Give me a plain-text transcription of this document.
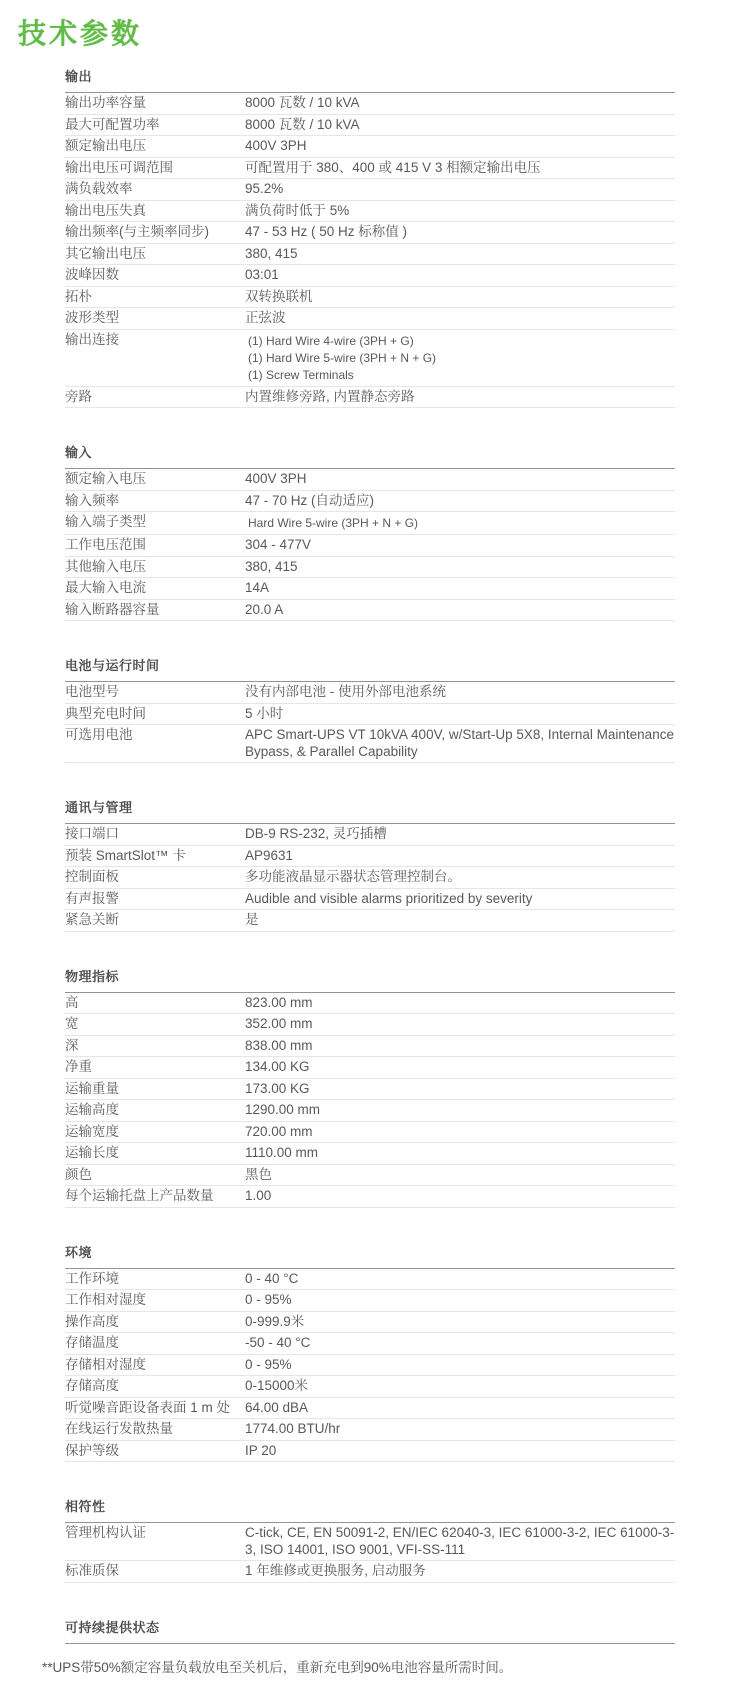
技术参数
输出
输出功率容量	8000 瓦数 / 10 kVA
最大可配置功率	8000 瓦数 / 10 kVA
额定输出电压	400V 3PH
输出电压可调范围	可配置用于 380、400 或 415 V 3 相额定输出电压
满负载效率	95.2%
输出电压失真	满负荷时低于 5%
输出频率(与主频率同步)	47 - 53 Hz ( 50 Hz 标称值 )
其它输出电压	380, 415
波峰因数	03:01
拓朴	双转换联机
波形类型	正弦波
输出连接	(1) Hard Wire 4-wire (3PH + G)
(1) Hard Wire 5-wire (3PH + N + G)
(1) Screw Terminals
旁路	内置维修旁路, 内置静态旁路
输入
额定输入电压	400V 3PH
输入频率	47 - 70 Hz (自动适应)
输入端子类型	Hard Wire 5-wire (3PH + N + G)
工作电压范围	304 - 477V
其他输入电压	380, 415
最大输入电流	14A
输入断路器容量	20.0 A
电池与运行时间
电池型号	没有内部电池 - 使用外部电池系统
典型充电时间	5 小时
可选用电池	APC Smart-UPS VT 10kVA 400V, w/Start-Up 5X8, Internal Maintenance Bypass, & Parallel Capability
通讯与管理
接口端口	DB-9 RS-232, 灵巧插槽
预装 SmartSlot™ 卡	AP9631
控制面板	多功能液晶显示器状态管理控制台。
有声报警	Audible and visible alarms prioritized by severity
紧急关断	是
物理指标
高	823.00 mm
宽	352.00 mm
深	838.00 mm
净重	134.00 KG
运输重量	173.00 KG
运输高度	1290.00 mm
运输宽度	720.00 mm
运输长度	1110.00 mm
颜色	黑色
每个运输托盘上产品数量	1.00
环境
工作环境	0 - 40 °C
工作相对湿度	0 - 95%
操作高度	0-999.9米
存储温度	-50 - 40 °C
存储相对湿度	0 - 95%
存储高度	0-15000米
听觉噪音距设备表面 1 m 处	64.00 dBA
在线运行发散热量	1774.00 BTU/hr
保护等级	IP 20
相符性
管理机构认证	C-tick, CE, EN 50091-2, EN/IEC 62040-3, IEC 61000-3-2, IEC 61000-3-3, ISO 14001, ISO 9001, VFI-SS-111
标准质保	1 年维修或更换服务, 启动服务
可持续提供状态

**UPS带50%额定容量负载放电至关机后，重新充电到90%电池容量所需时间。
